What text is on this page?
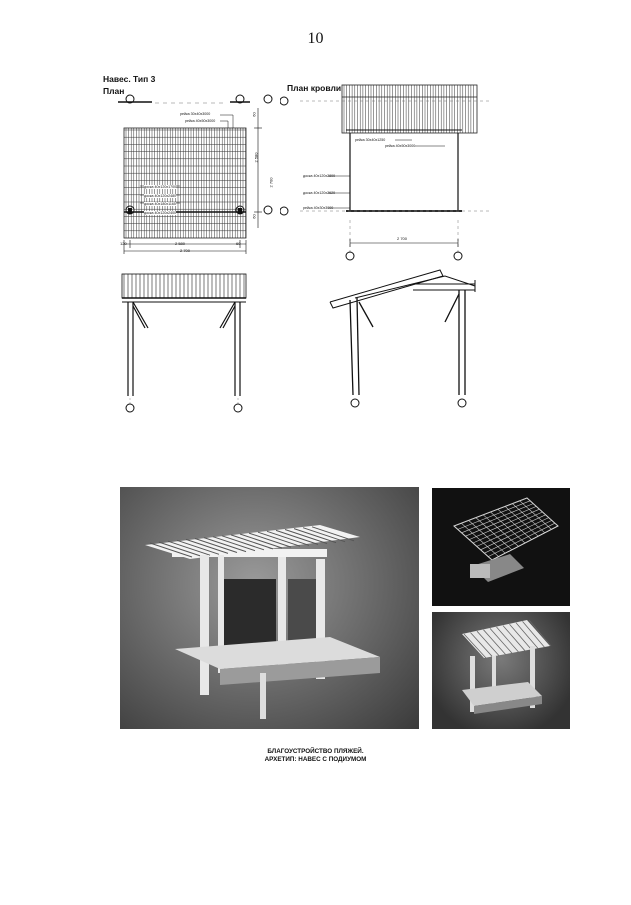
10
Навес. Тип 3
План	План кровли
рейка 30х40х3000
рейка 40х50х3000
доска 40х120х1700
доска 40х120х2480
доска 40х180х1165
доска 40х120х2400
2 580
2 700
120	60
2 700
2 580
60
60
рейка 30х40х1250
рейка 40х50х3000
доска 40х120х2800
доска 40х120х2620
рейка 40х30х3000
2 700
БЛАГОУСТРОЙСТВО ПЛЯЖЕЙ.
АРХЕТИП: НАВЕС С ПОДИУМОМ
